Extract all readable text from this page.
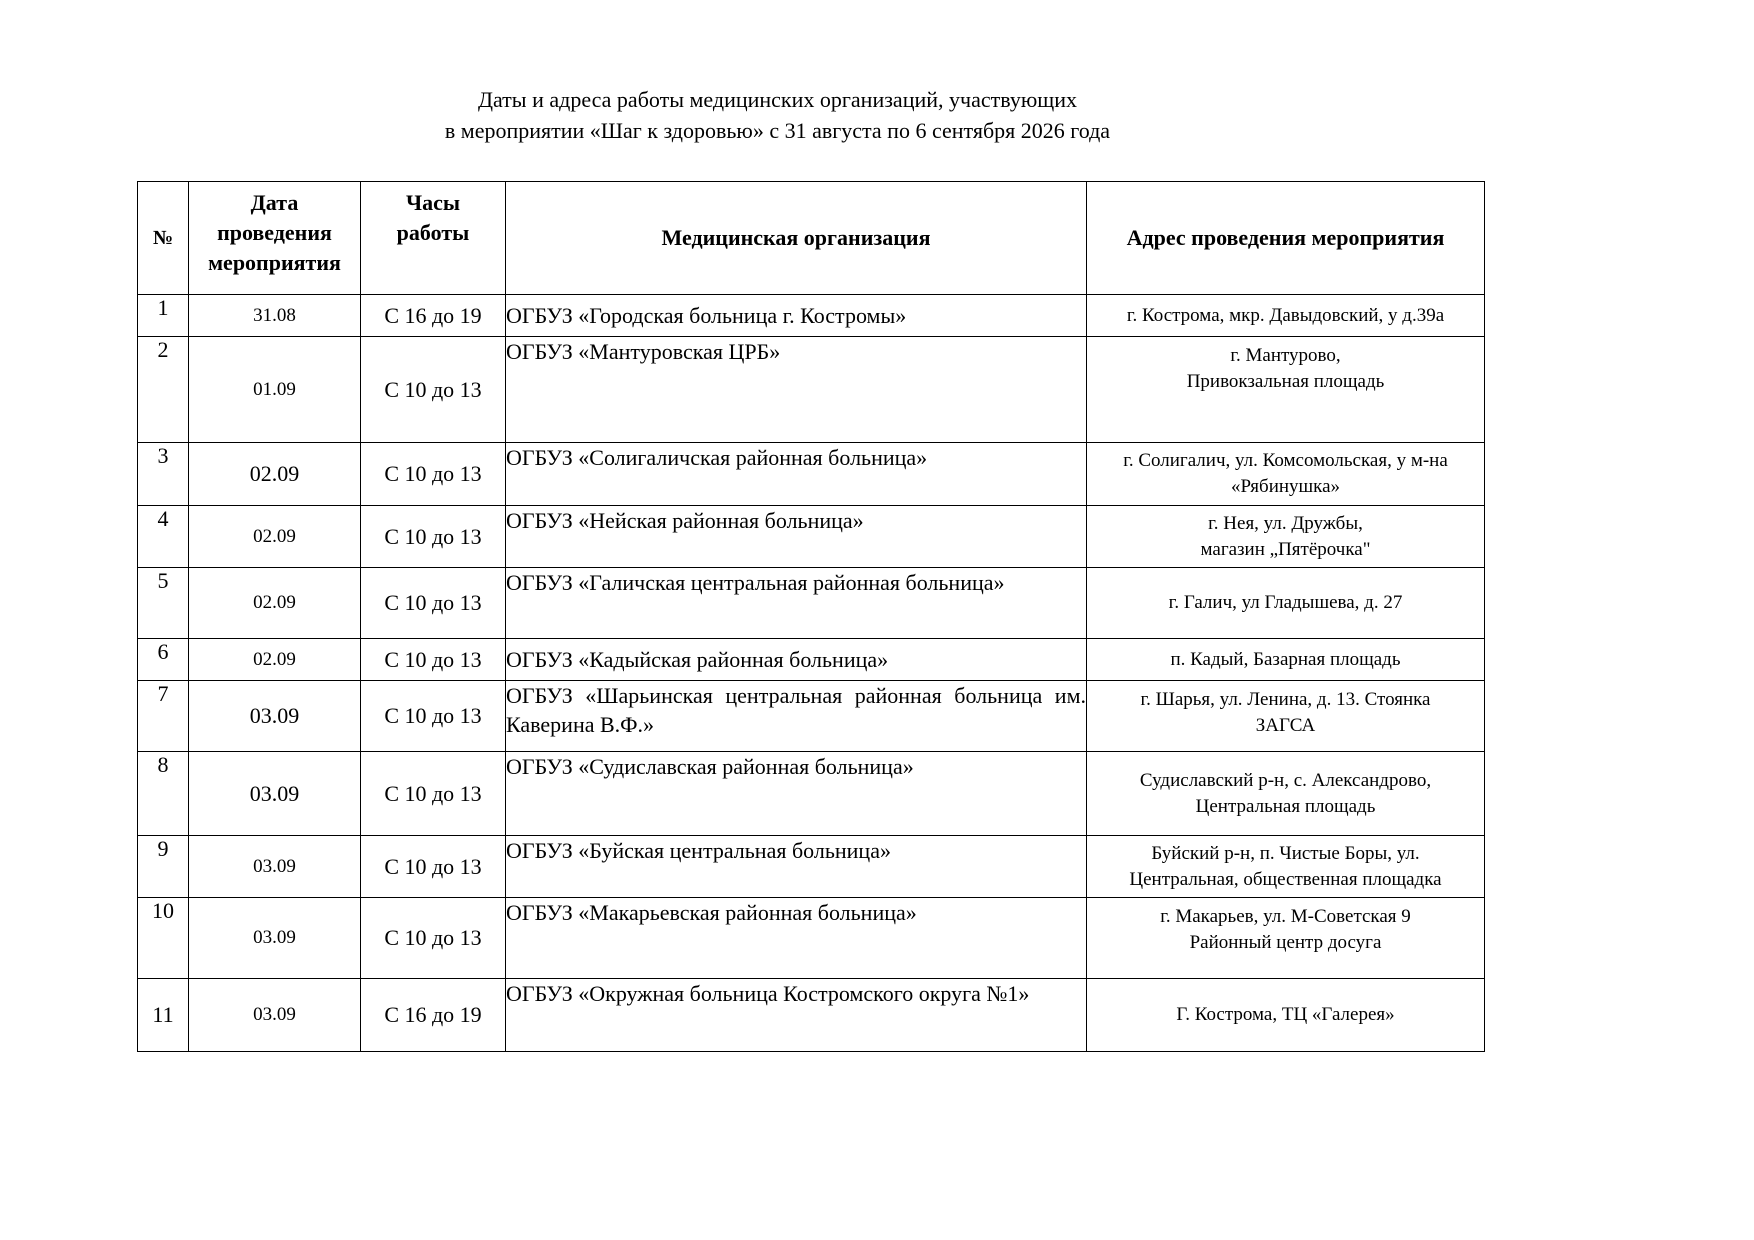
Даты и адреса работы медицинских организаций, участвующих
в мероприятии «Шаг к здоровью» с 31 августа по 6 сентября 2026 года
№	Дата
проведения
мероприятия	Часы
работы	Медицинская организация	Адрес проведения мероприятия
1	31.08	С 16 до 19	ОГБУЗ «Городская больница г. Костромы»	г. Кострома, мкр. Давыдовский, у д.39а

2	01.09	С 10 до 13	ОГБУЗ «Мантуровская ЦРБ»	г. Мантурово,
Привокзальная площадь

3	02.09	С 10 до 13	ОГБУЗ «Солигаличская районная больница»	г. Солигалич, ул. Комсомольская, у м-на
«Рябинушка»

4	02.09	С 10 до 13	ОГБУЗ «Нейская районная больница»	г. Нея, ул. Дружбы,
магазин „Пятёрочка"

5	02.09	С 10 до 13	ОГБУЗ «Галичская центральная районная больница»	г. Галич, ул Гладышева, д. 27

6	02.09	С 10 до 13	ОГБУЗ «Кадыйская районная больница»	п. Кадый, Базарная площадь

7	03.09	С 10 до 13	ОГБУЗ «Шарьинская центральная районная больница им. Каверина В.Ф.»	г. Шарья, ул. Ленина, д. 13. Стоянка
ЗАГСА

8	03.09	С 10 до 13	ОГБУЗ «Судиславская районная больница»	Судиславский р-н, с. Александрово,
Центральная площадь

9	03.09	С 10 до 13	ОГБУЗ «Буйская центральная больница»	Буйский р-н, п. Чистые Боры, ул.
Центральная, общественная площадка

10	03.09	С 10 до 13	ОГБУЗ «Макарьевская районная больница»	г. Макарьев, ул. М-Советская 9
Районный центр досуга

11	03.09	С 16 до 19	ОГБУЗ «Окружная больница Костромского округа №1»	Г. Кострома, ТЦ «Галерея»
